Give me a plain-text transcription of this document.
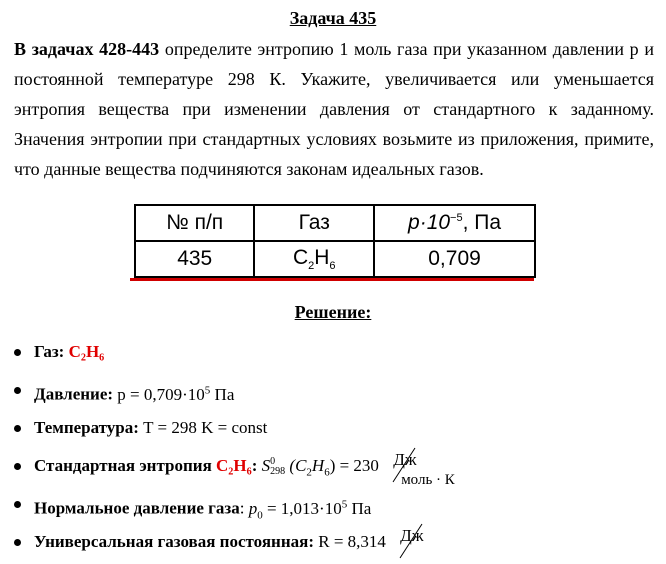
Задача 435
В задачах 428-443 определите энтропию 1 моль газа при указанном давлении р и постоянной температуре 298 К. Укажите, увеличивается или уменьшается энтропия вещества при изменении давления от стандартного к заданному. Значения энтропии при стандартных условиях возьмите из приложения, примите, что данные вещества подчиняются законам идеальных газов.
№ п/п	Газ	$p\cdot 10^{-5}$, Па
435	$C_2H_6$	0,709
Решение:
Газ: C₂H₆
Давление: $p = 0,709\cdot 10^5$ Па
Температура: T = 298 K = const
Стандартная энтропия C₂H₆: S 0
298 $(C_2H_6) = 230$ Дж
моль · К
Нормальное давление газа: $p_0 = 1,013\cdot 10^5$ Па
Универсальная газовая постоянная: R = 8,314 Дж
